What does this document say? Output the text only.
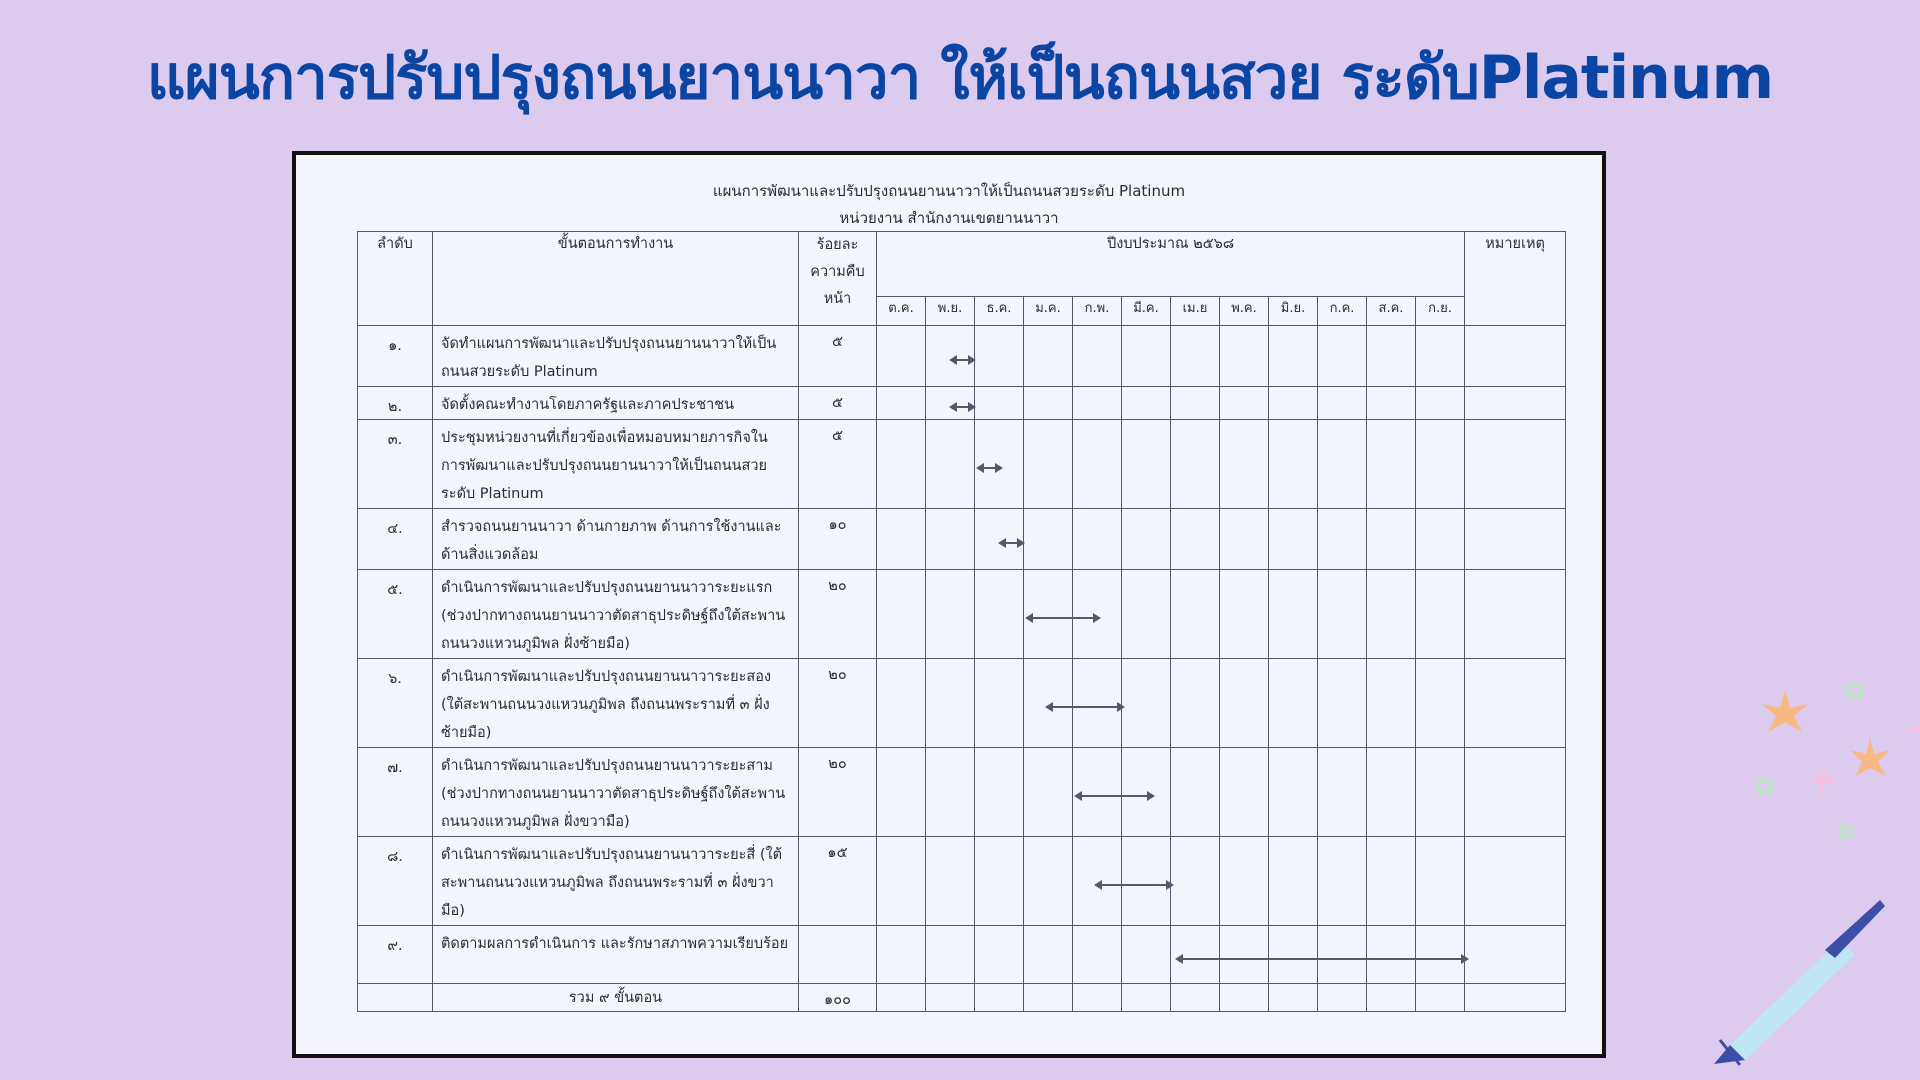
แผนการปรับปรุงถนนยานนาวา ให้เป็นถนนสวย ระดับPlatinum
แผนการพัฒนาและปรับปรุงถนนยานนาวาให้เป็นถนนสวยระดับ Platinum
หน่วยงาน สำนักงานเขตยานนาวา
ลำดับ	ขั้นตอนการทำงาน	ร้อยละความคืบหน้า	ปีงบประมาณ ๒๕๖๘												หมายเหตุ
			ต.ค.	พ.ย.	ธ.ค.	ม.ค.	ก.พ.	มี.ค.	เม.ย	พ.ค.	มิ.ย.	ก.ค.	ส.ค.	ก.ย.	
๑.	จัดทำแผนการพัฒนาและปรับปรุงถนนยานนาวาให้เป็นถนนสวยระดับ Platinum	๕													
๒.	จัดตั้งคณะทำงานโดยภาครัฐและภาคประชาชน	๕													
๓.	ประชุมหน่วยงานที่เกี่ยวข้องเพื่อหมอบหมายภารกิจในการพัฒนาและปรับปรุงถนนยานนาวาให้เป็นถนนสวยระดับ Platinum	๕													
๔.	สำรวจถนนยานนาวา ด้านกายภาพ ด้านการใช้งานและด้านสิ่งแวดล้อม	๑๐													
๕.	ดำเนินการพัฒนาและปรับปรุงถนนยานนาวาระยะแรก (ช่วงปากทางถนนยานนาวาตัดสาธุประดิษฐ์ถึงใต้สะพานถนนวงแหวนภูมิพล ฝั่งซ้ายมือ)	๒๐													
๖.	ดำเนินการพัฒนาและปรับปรุงถนนยานนาวาระยะสอง (ใต้สะพานถนนวงแหวนภูมิพล ถึงถนนพระรามที่ ๓ ฝั่งซ้ายมือ)	๒๐													
๗.	ดำเนินการพัฒนาและปรับปรุงถนนยานนาวาระยะสาม (ช่วงปากทางถนนยานนาวาตัดสาธุประดิษฐ์ถึงใต้สะพานถนนวงแหวนภูมิพล ฝั่งขวามือ)	๒๐													
๘.	ดำเนินการพัฒนาและปรับปรุงถนนยานนาวาระยะสี่ (ใต้สะพานถนนวงแหวนภูมิพล ถึงถนนพระรามที่ ๓ ฝั่งขวามือ)	๑๕													
๙.	ติดตามผลการดำเนินการ และรักษาสภาพความเรียบร้อย														
	รวม ๙ ขั้นตอน	๑๐๐													
